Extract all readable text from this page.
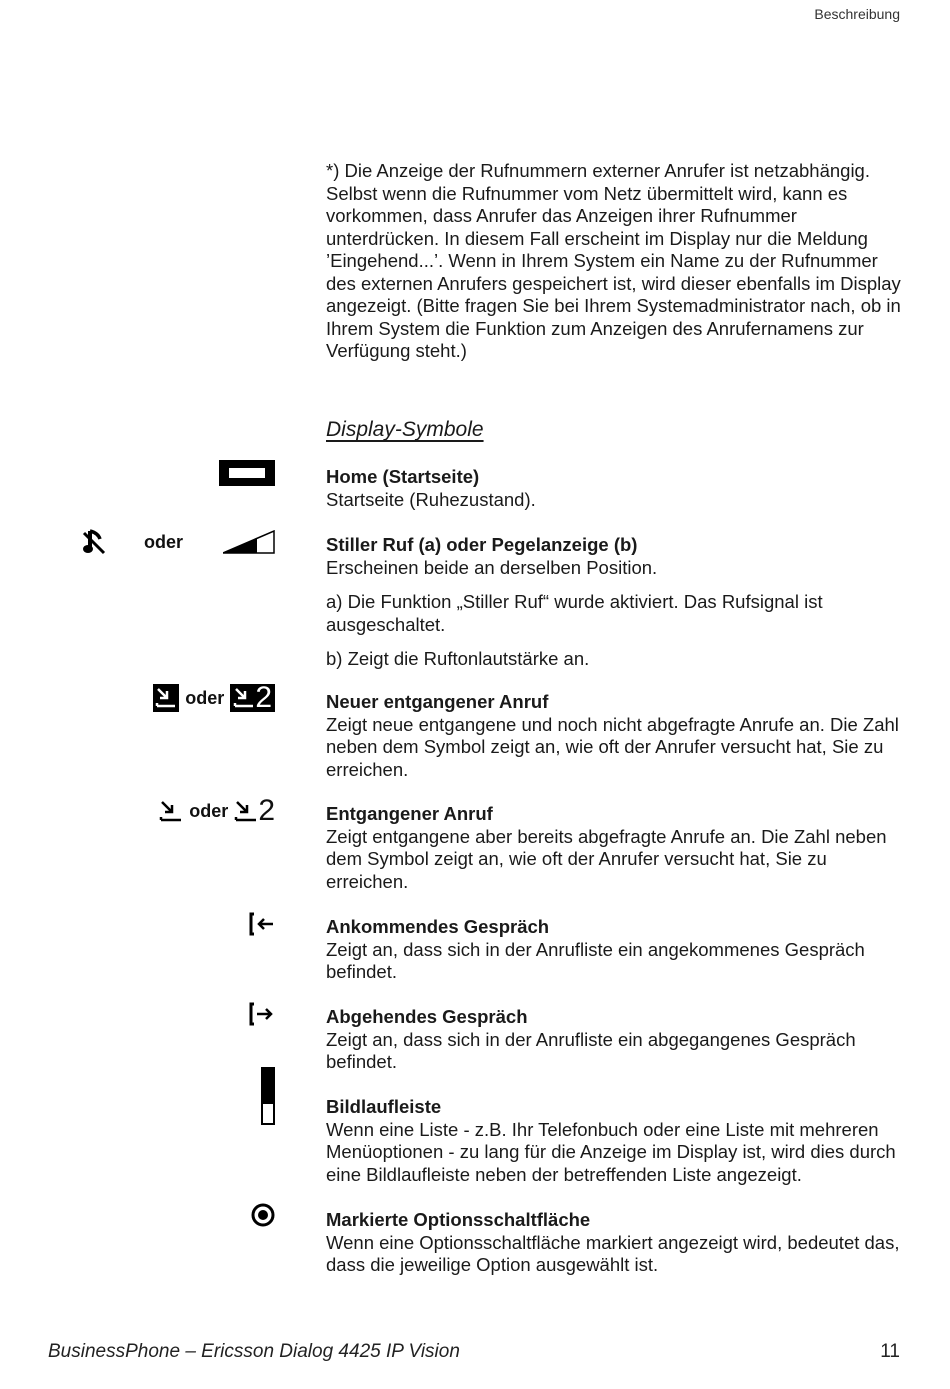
Beschreibung
*) Die Anzeige der Rufnummern externer Anrufer ist netzabhängig. Selbst wenn die Rufnummer vom Netz übermittelt wird, kann es vorkommen, dass Anrufer das Anzeigen ihrer Rufnummer unterdrücken. In diesem Fall erscheint im Display nur die Meldung ’Eingehend...’. Wenn in Ihrem System ein Name zu der Rufnummer des externen Anrufers gespeichert ist, wird dieser ebenfalls im Display angezeigt. (Bitte fragen Sie bei Ihrem Systemadministrator nach, ob in Ihrem System die Funktion zum Anzeigen des Anrufernamens zur Verfügung steht.)
Display-Symbole
Home (Startseite)
Startseite (Ruhezustand).
oder	Stiller Ruf (a) oder Pegelanzeige (b)
Erscheinen beide an derselben Position.
a) Die Funktion „Stiller Ruf“ wurde aktiviert. Das Rufsignal ist ausgeschaltet.
b) Zeigt die Ruftonlautstärke an.
oder 2	Neuer entgangener Anruf
Zeigt neue entgangene und noch nicht abgefragte Anrufe an. Die Zahl neben dem Symbol zeigt an, wie oft der Anrufer versucht hat, Sie zu erreichen.
oder 2	Entgangener Anruf
Zeigt entgangene aber bereits abgefragte Anrufe an. Die Zahl neben dem Symbol zeigt an, wie oft der Anrufer versucht hat, Sie zu erreichen.
Ankommendes Gespräch
Zeigt an, dass sich in der Anrufliste ein angekommenes Gespräch befindet.
Abgehendes Gespräch
Zeigt an, dass sich in der Anrufliste ein abgegangenes Gespräch befindet.
Bildlaufleiste
Wenn eine Liste - z.B. Ihr Telefonbuch oder eine Liste mit mehreren Menüoptionen - zu lang für die Anzeige im Display ist, wird dies durch eine Bildlaufleiste neben der betreffenden Liste angezeigt.
Markierte Optionsschaltfläche
Wenn eine Optionsschaltfläche markiert angezeigt wird, bedeutet das, dass die jeweilige Option ausgewählt ist.
BusinessPhone – Ericsson Dialog 4425 IP Vision	11
